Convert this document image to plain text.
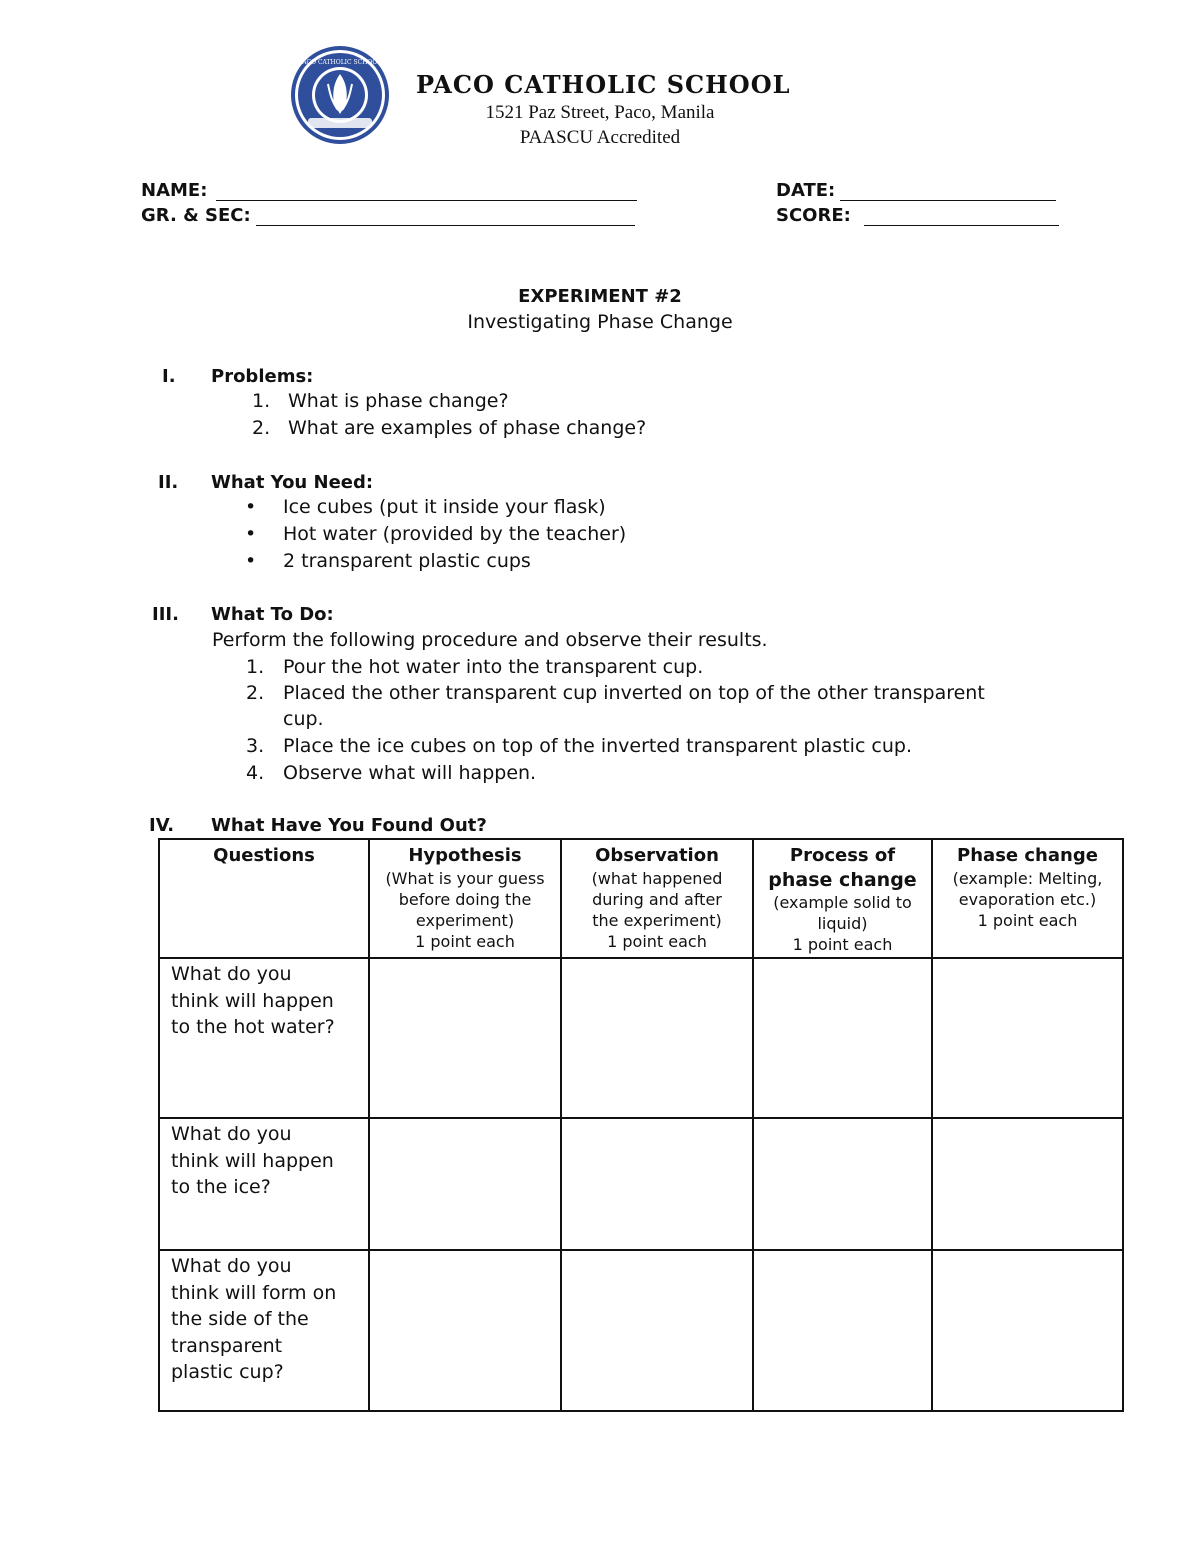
PACO CATHOLIC SCHOOL
PACO CATHOLIC SCHOOL
1521 Paz Street, Paco, Manila
PAASCU Accredited
NAME:
GR. & SEC:
DATE:
SCORE:
EXPERIMENT #2
Investigating Phase Change
I. Problems:
1. What is phase change?
2. What are examples of phase change?
II. What You Need:
• Ice cubes (put it inside your flask)
• Hot water (provided by the teacher)
• 2 transparent plastic cups
III. What To Do:
Perform the following procedure and observe their results.
1. Pour the hot water into the transparent cup.
2. Placed the other transparent cup inverted on top of the other transparent
cup.
3. Place the ice cubes on top of the inverted transparent plastic cup.
4. Observe what will happen.
IV. What Have You Found Out?
Questions	Hypothesis
(What is your guess
before doing the
experiment)
1 point each	Observation
(what happened
during and after
the experiment)
1 point each	Process of
phase change
(example solid to
liquid)
1 point each	Phase change
(example: Melting,
evaporation etc.)
1 point each

What do you
think will happen
to the hot water?				

What do you
think will happen
to the ice?				

What do you
think will form on
the side of the
transparent
plastic cup?				
